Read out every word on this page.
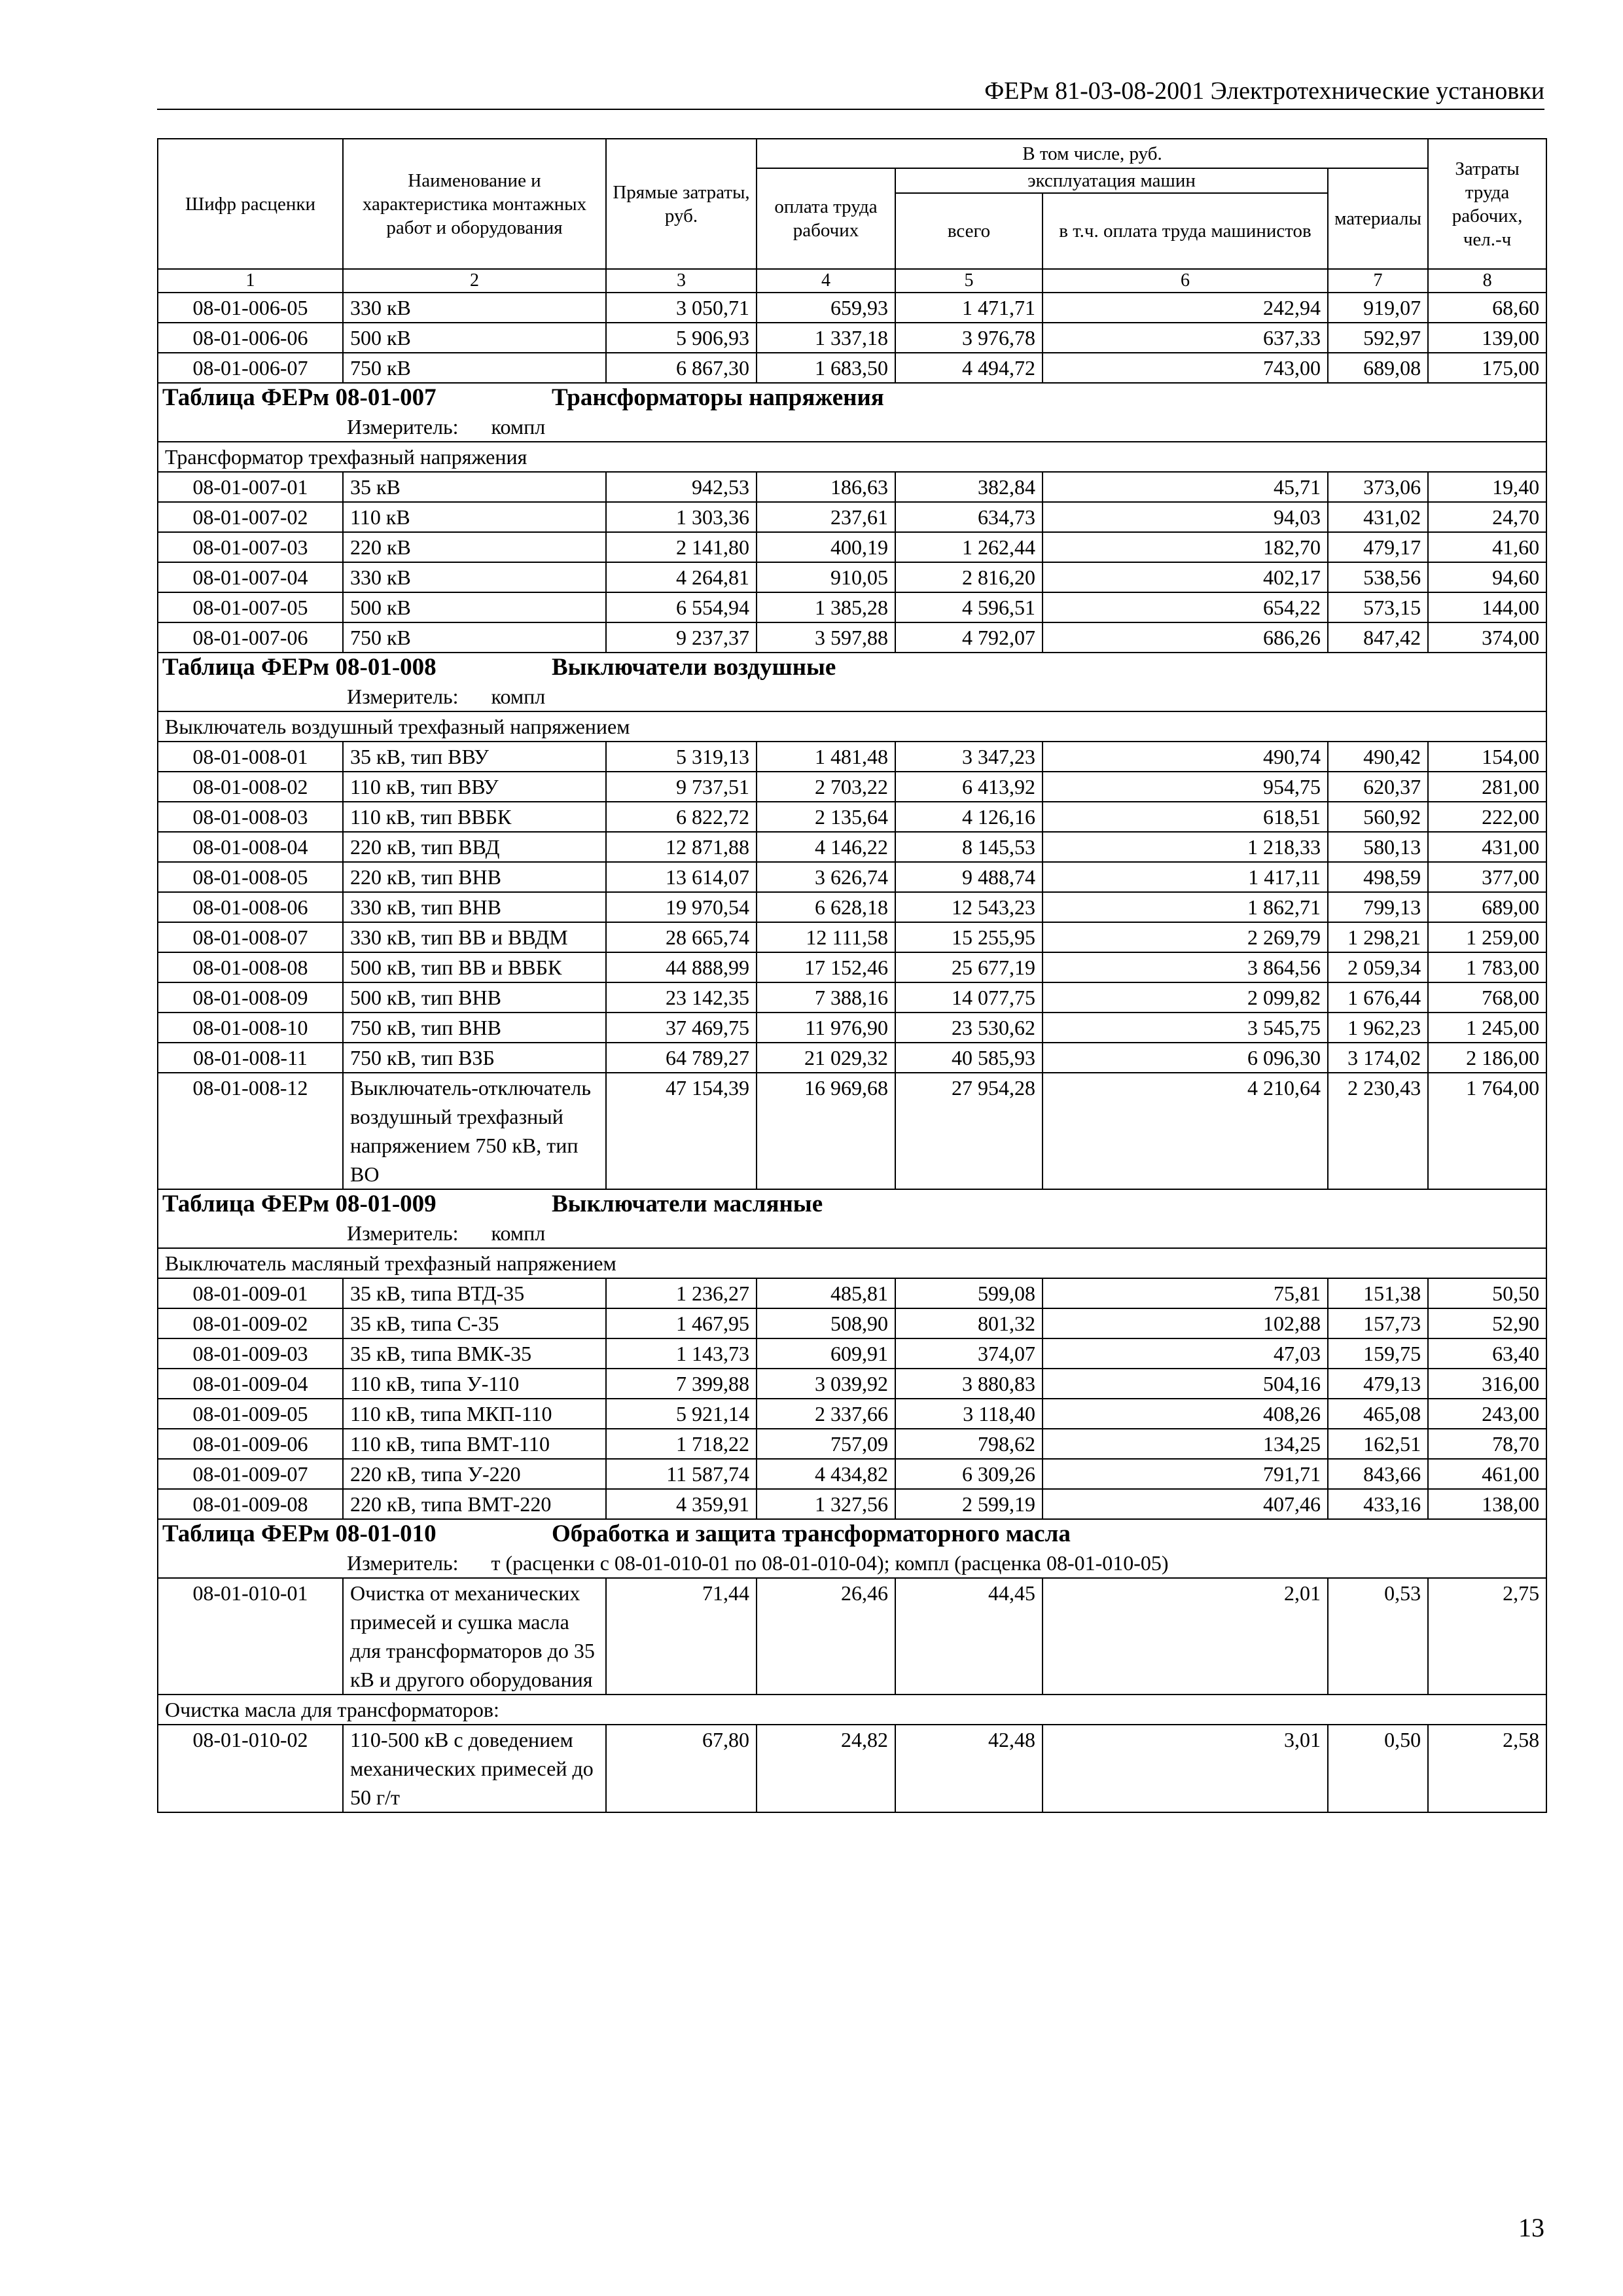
ФЕРм 81-03-08-2001 Электротехнические установки
Шифр расценки	Наименование и характеристика монтажных работ и оборудования	Прямые затраты, руб.	В том числе, руб.				Затраты труда рабочих, чел.-ч	
			оплата труда рабочих	эксплуатация машин		материалы		
				всего	в т.ч. оплата труда машинистов			
1	2	3	4	5	6	7	8	
08-01-006-05	330 кВ	3 050,71	659,93	1 471,71	242,94	919,07	68,60	
08-01-006-06	500 кВ	5 906,93	1 337,18	3 976,78	637,33	592,97	139,00	
08-01-006-07	750 кВ	6 867,30	1 683,50	4 494,72	743,00	689,08	175,00	
Таблица ФЕРм 08-01-007 Трансформаторы напряжения								
Измеритель: компл								
Трансформатор трехфазный напряжения								
08-01-007-01	35 кВ	942,53	186,63	382,84	45,71	373,06	19,40	
08-01-007-02	110 кВ	1 303,36	237,61	634,73	94,03	431,02	24,70	
08-01-007-03	220 кВ	2 141,80	400,19	1 262,44	182,70	479,17	41,60	
08-01-007-04	330 кВ	4 264,81	910,05	2 816,20	402,17	538,56	94,60	
08-01-007-05	500 кВ	6 554,94	1 385,28	4 596,51	654,22	573,15	144,00	
08-01-007-06	750 кВ	9 237,37	3 597,88	4 792,07	686,26	847,42	374,00	
Таблица ФЕРм 08-01-008 Выключатели воздушные								
Измеритель: компл								
Выключатель воздушный трехфазный напряжением								
08-01-008-01	35 кВ, тип ВВУ	5 319,13	1 481,48	3 347,23	490,74	490,42	154,00	
08-01-008-02	110 кВ, тип ВВУ	9 737,51	2 703,22	6 413,92	954,75	620,37	281,00	
08-01-008-03	110 кВ, тип ВВБК	6 822,72	2 135,64	4 126,16	618,51	560,92	222,00	
08-01-008-04	220 кВ, тип ВВД	12 871,88	4 146,22	8 145,53	1 218,33	580,13	431,00	
08-01-008-05	220 кВ, тип ВНВ	13 614,07	3 626,74	9 488,74	1 417,11	498,59	377,00	
08-01-008-06	330 кВ, тип ВНВ	19 970,54	6 628,18	12 543,23	1 862,71	799,13	689,00	
08-01-008-07	330 кВ, тип ВВ и ВВДМ	28 665,74	12 111,58	15 255,95	2 269,79	1 298,21	1 259,00	
08-01-008-08	500 кВ, тип ВВ и ВВБК	44 888,99	17 152,46	25 677,19	3 864,56	2 059,34	1 783,00	
08-01-008-09	500 кВ, тип ВНВ	23 142,35	7 388,16	14 077,75	2 099,82	1 676,44	768,00	
08-01-008-10	750 кВ, тип ВНВ	37 469,75	11 976,90	23 530,62	3 545,75	1 962,23	1 245,00	
08-01-008-11	750 кВ, тип ВЗБ	64 789,27	21 029,32	40 585,93	6 096,30	3 174,02	2 186,00	
08-01-008-12	Выключатель-отключатель воздушный трехфазный напряжением 750 кВ, тип ВО	47 154,39	16 969,68	27 954,28	4 210,64	2 230,43	1 764,00	
Таблица ФЕРм 08-01-009 Выключатели масляные								
Измеритель: компл								
Выключатель масляный трехфазный напряжением								
08-01-009-01	35 кВ, типа ВТД-35	1 236,27	485,81	599,08	75,81	151,38	50,50	
08-01-009-02	35 кВ, типа С-35	1 467,95	508,90	801,32	102,88	157,73	52,90	
08-01-009-03	35 кВ, типа ВМК-35	1 143,73	609,91	374,07	47,03	159,75	63,40	
08-01-009-04	110 кВ, типа У-110	7 399,88	3 039,92	3 880,83	504,16	479,13	316,00	
08-01-009-05	110 кВ, типа МКП-110	5 921,14	2 337,66	3 118,40	408,26	465,08	243,00	
08-01-009-06	110 кВ, типа ВМТ-110	1 718,22	757,09	798,62	134,25	162,51	78,70	
08-01-009-07	220 кВ, типа У-220	11 587,74	4 434,82	6 309,26	791,71	843,66	461,00	
08-01-009-08	220 кВ, типа ВМТ-220	4 359,91	1 327,56	2 599,19	407,46	433,16	138,00	
Таблица ФЕРм 08-01-010 Обработка и защита трансформаторного масла								
Измеритель: т (расценки с 08-01-010-01 по 08-01-010-04); компл (расценка 08-01-010-05)								
08-01-010-01	Очистка от механических примесей и сушка масла для трансформаторов до 35 кВ и другого оборудования	71,44	26,46	44,45	2,01	0,53	2,75	
Очистка масла для трансформаторов:								
08-01-010-02	110-500 кВ с доведением механических примесей до 50 г/т	67,80	24,82	42,48	3,01	0,50	2,58	
13
